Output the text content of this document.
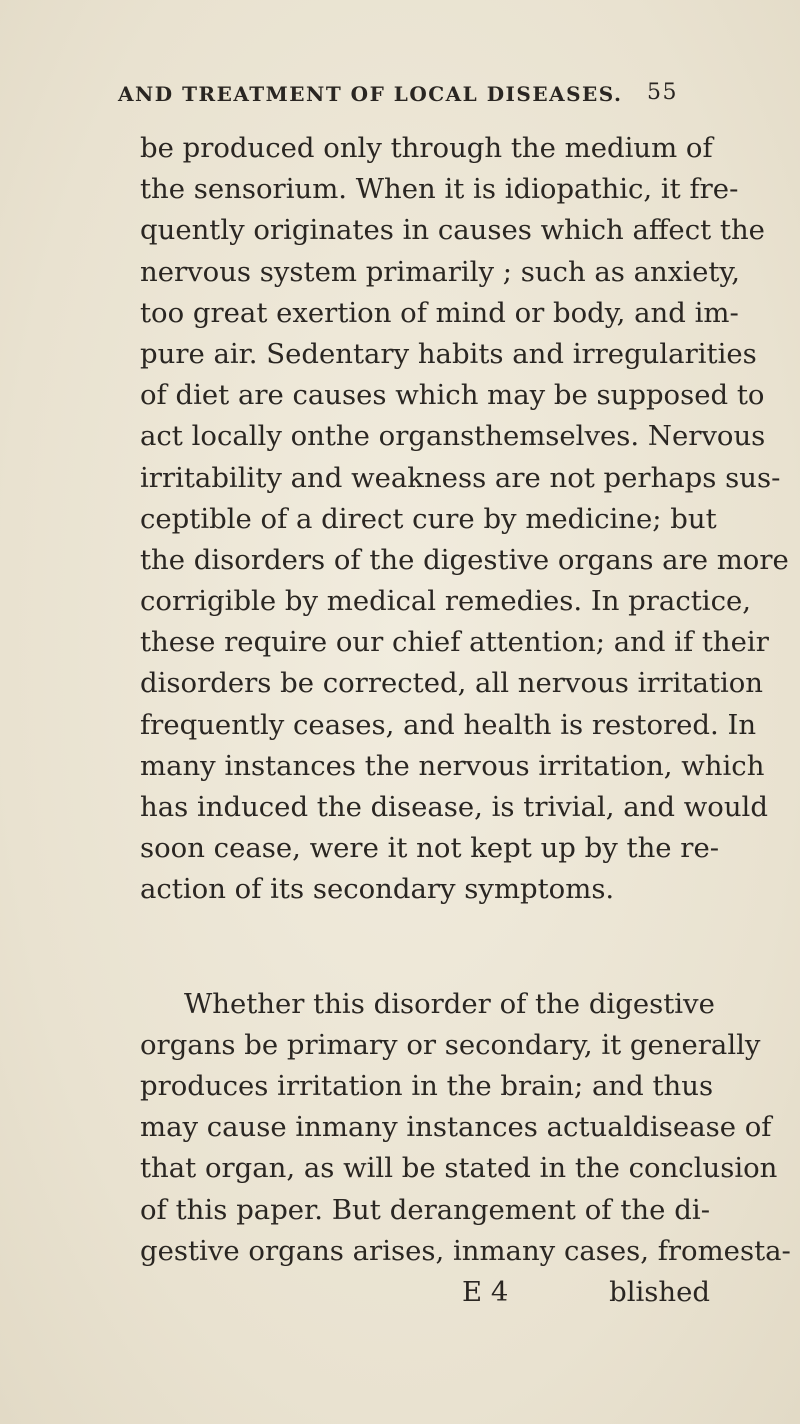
AND TREATMENT OF LOCAL DISEASES. 55
be produced only through the medium of
the sensorium. When it is idiopathic, it fre-
quently originates in causes which affect the
nervous system primarily ; such as anxiety,
too great exertion of mind or body, and im-
pure air. Sedentary habits and irregularities
of diet are causes which may be supposed to
act locally onthe organsthemselves. Nervous
irritability and weakness are not perhaps sus-
ceptible of a direct cure by medicine; but
the disorders of the digestive organs are more
corrigible by medical remedies. In practice,
these require our chief attention; and if their
disorders be corrected, all nervous irritation
frequently ceases, and health is restored. In
many instances the nervous irritation, which
has induced the disease, is trivial, and would
soon cease, were it not kept up by the re-
action of its secondary symptoms.
Whether this disorder of the digestive
organs be primary or secondary, it generally
produces irritation in the brain; and thus
may cause inmany instances actualdisease of
that organ, as will be stated in the conclusion
of this paper. But derangement of the di-
gestive organs arises, inmany cases, fromesta-
E 4	blished
